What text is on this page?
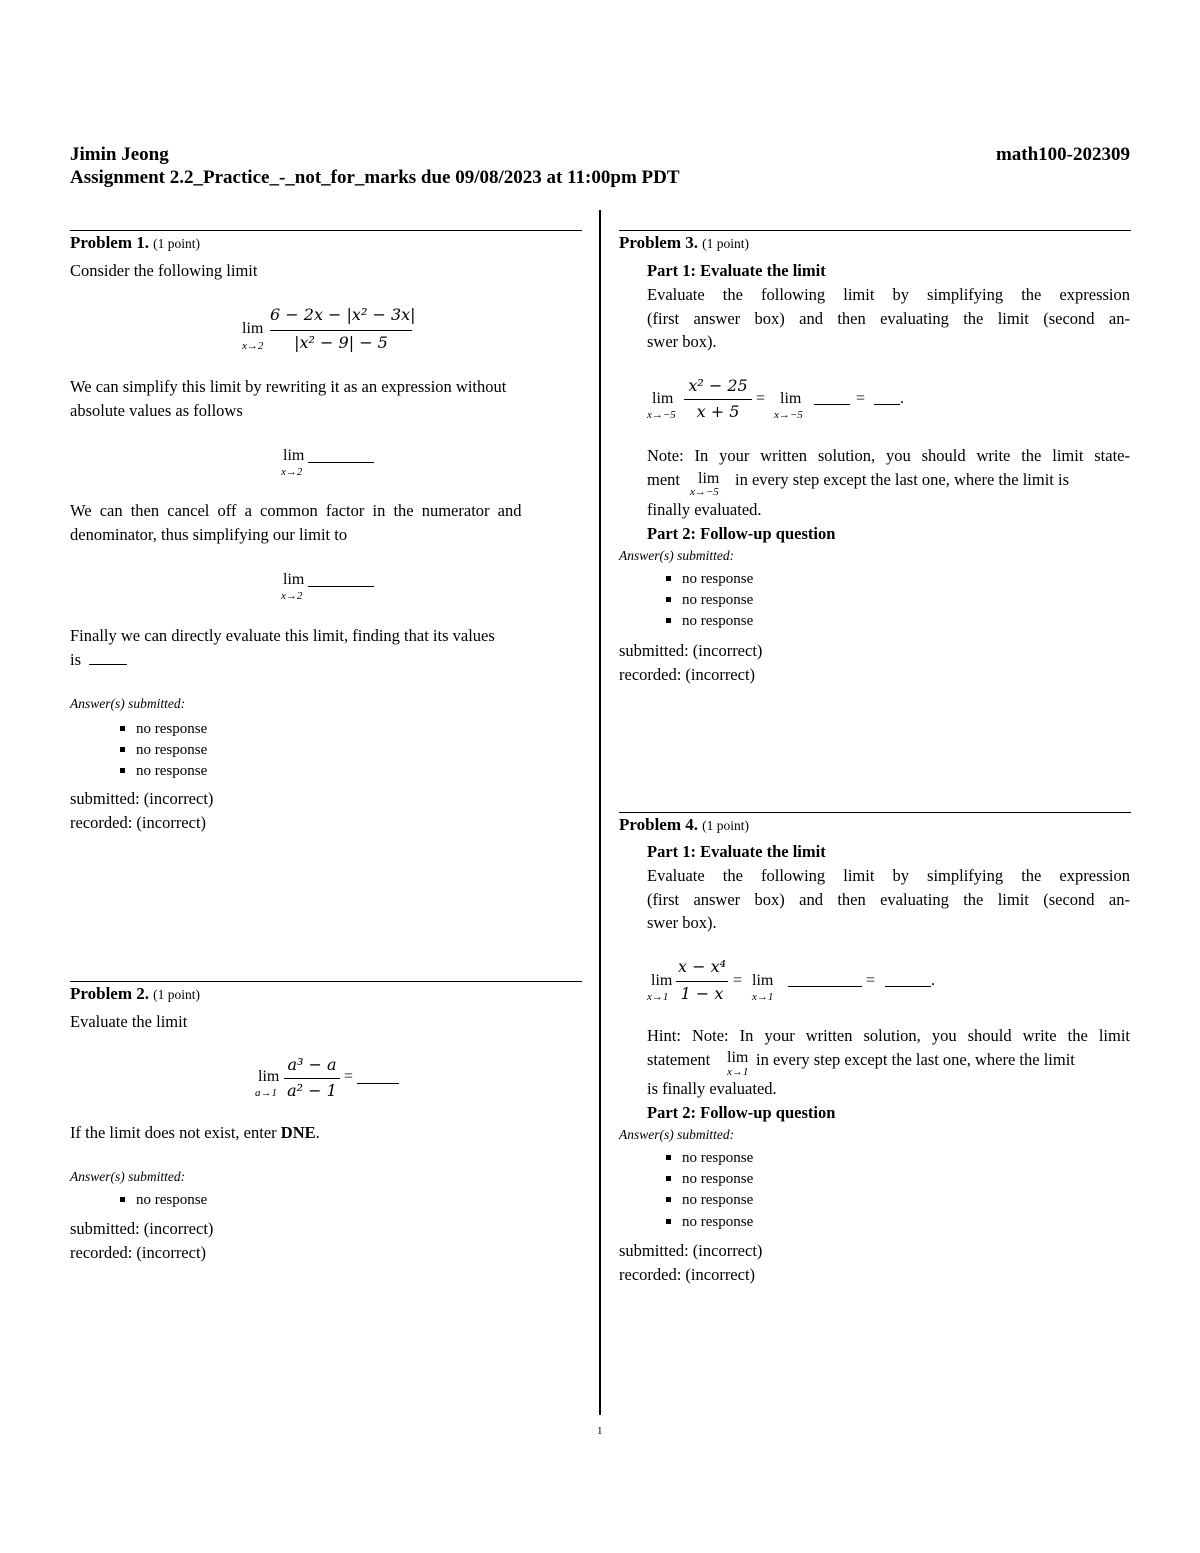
Jimin Jeong	math100-202309
Assignment 2.2_Practice_-_not_for_marks due 09/08/2023 at 11:00pm PDT
Problem 1. (1 point)
Consider the following limit
lim
x→2
6 − 2x − |x² − 3x|
|x² − 9| − 5
We can simplify this limit by rewriting it as an expression without
absolute values as follows
lim
x→2
We can then cancel off a common factor in the numerator and
denominator, thus simplifying our limit to
lim
x→2
Finally we can directly evaluate this limit, finding that its values
is
Answer(s) submitted:
no response
no response
no response
submitted: (incorrect)
recorded: (incorrect)
Problem 2. (1 point)
Evaluate the limit
lim
a→1
a³ − a
a² − 1
=
If the limit does not exist, enter DNE.
Answer(s) submitted:
no response
submitted: (incorrect)
recorded: (incorrect)
Problem 3. (1 point)
Part 1: Evaluate the limit
Evaluate the following limit by simplifying the expression
(first answer box) and then evaluating the limit (second an-
swer box).
lim
x→−5
x² − 25
x + 5
= lim
x→−5
= .
Note: In your written solution, you should write the limit state-
ment lim
x→−5
in every step except the last one, where the limit is
finally evaluated.
Part 2: Follow-up question
Answer(s) submitted:
no response
no response
no response
submitted: (incorrect)
recorded: (incorrect)
Problem 4. (1 point)
Part 1: Evaluate the limit
Evaluate the following limit by simplifying the expression
(first answer box) and then evaluating the limit (second an-
swer box).
lim
x→1
x − x⁴
1 − x
= lim
x→1
=	.
Hint: Note: In your written solution, you should write the limit
statement lim
x→1
in every step except the last one, where the limit
is finally evaluated.
Part 2: Follow-up question
Answer(s) submitted:
no response
no response
no response
no response
submitted: (incorrect)
recorded: (incorrect)
1
